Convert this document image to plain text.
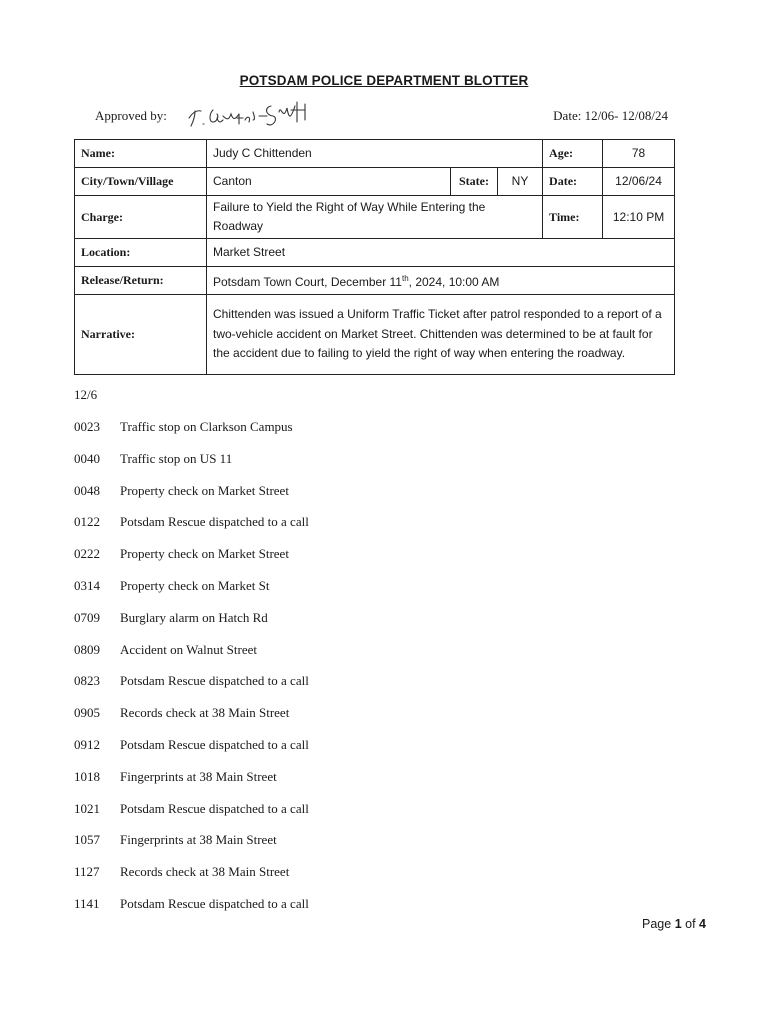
POTSDAM POLICE DEPARTMENT BLOTTER
Approved by:	Date: 12/06- 12/08/24
Name:	Judy C Chittenden			Age:	78
City/Town/Village	Canton	State:	NY	Date:	12/06/24
Charge:	Failure to Yield the Right of Way While Entering the Roadway			Time:	12:10 PM
Location:	Market Street				
Release/Return:	Potsdam Town Court, December 11th, 2024, 10:00 AM				
Narrative:	Chittenden was issued a Uniform Traffic Ticket after patrol responded to a report of a two-vehicle accident on Market Street. Chittenden was determined to be at fault for the accident due to failing to yield the right of way when entering the roadway.				
12/6
0023 Traffic stop on Clarkson Campus
0040 Traffic stop on US 11
0048 Property check on Market Street
0122 Potsdam Rescue dispatched to a call
0222 Property check on Market Street
0314 Property check on Market St
0709 Burglary alarm on Hatch Rd
0809 Accident on Walnut Street
0823 Potsdam Rescue dispatched to a call
0905 Records check at 38 Main Street
0912 Potsdam Rescue dispatched to a call
1018 Fingerprints at 38 Main Street
1021 Potsdam Rescue dispatched to a call
1057 Fingerprints at 38 Main Street
1127 Records check at 38 Main Street
1141 Potsdam Rescue dispatched to a call
Page 1 of 4
